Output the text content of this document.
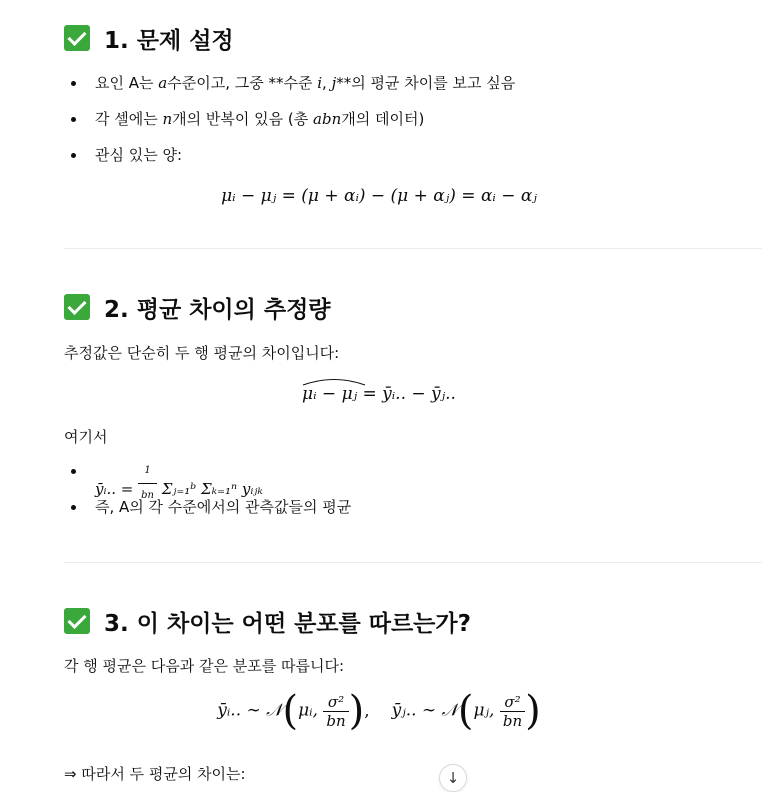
1. 문제 설정
요인 A는 a수준이고, 그중 **수준 i, j**의 평균 차이를 보고 싶음
각 셀에는 n개의 반복이 있음 (총 abn개의 데이터)
관심 있는 양:
μᵢ − μⱼ = (μ + αᵢ) − (μ + αⱼ) = αᵢ − αⱼ
2. 평균 차이의 추정량
추정값은 단순히 두 행 평균의 차이입니다:
μᵢ − μⱼ = ȳᵢ.. − ȳⱼ..
여기서
ȳᵢ.. = $\frac{1}{bn}$ Σⱼ₌₁ᵇ Σₖ₌₁ⁿ yᵢⱼₖ
즉, A의 각 수준에서의 관측값들의 평균
3. 이 차이는 어떤 분포를 따르는가?
각 행 평균은 다음과 같은 분포를 따릅니다:
ȳᵢ.. ∼ 𝒩(μᵢ, $\frac{\text{σ²}}{bn}$ ), ȳⱼ.. ∼ 𝒩(μⱼ, $\frac{\text{σ²}}{bn}$ )
⇒ 따라서 두 평균의 차이는:	↓
